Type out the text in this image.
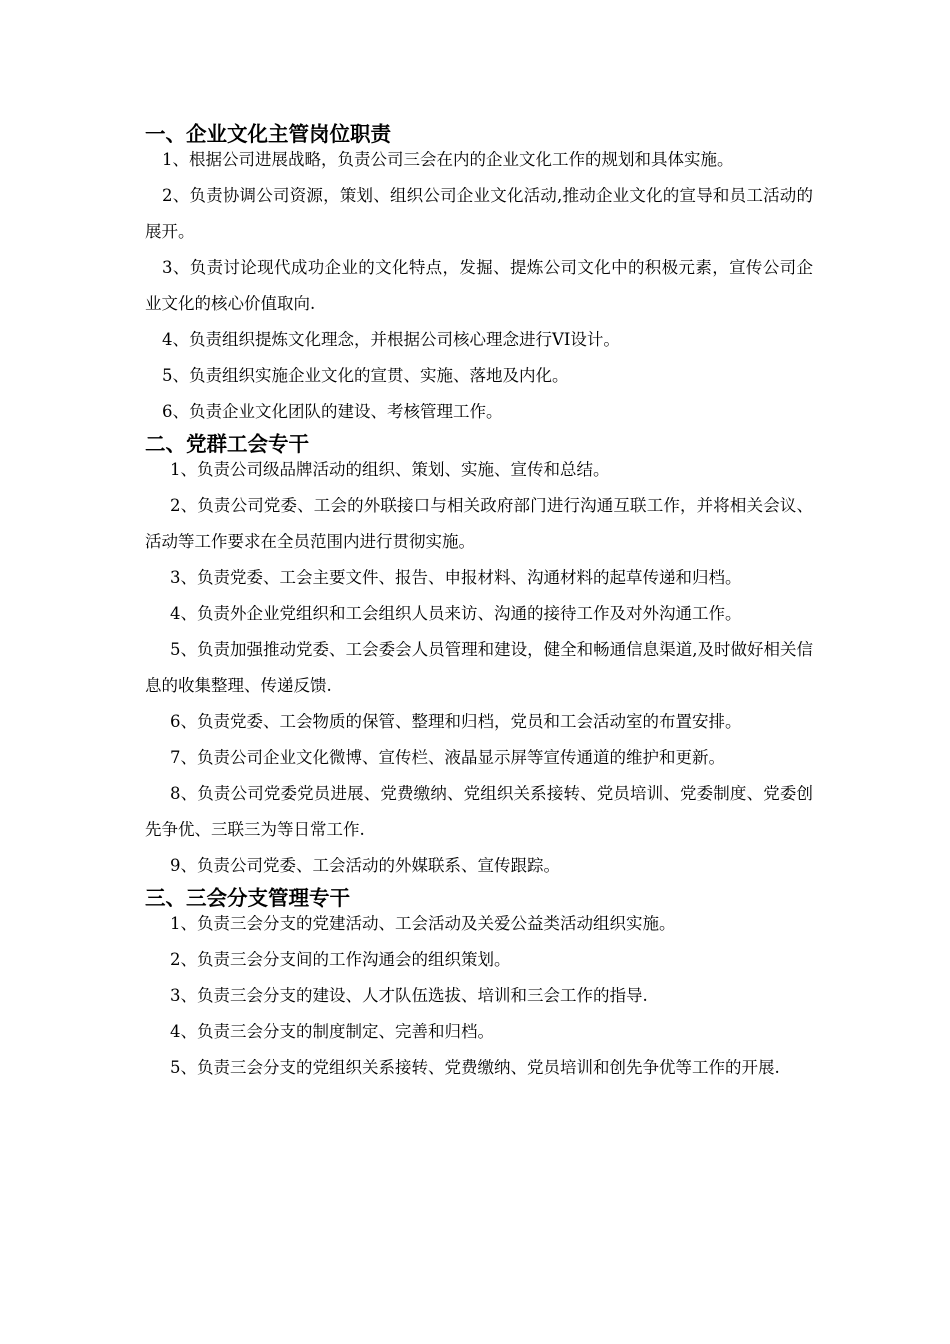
一、企业文化主管岗位职责

1、根据公司进展战略，负责公司三会在内的企业文化工作的规划和具体实施。

2、负责协调公司资源，策划、组织公司企业文化活动,推动企业文化的宣导和员工活动的展开。

3、负责讨论现代成功企业的文化特点，发掘、提炼公司文化中的积极元素，宣传公司企业文化的核心价值取向.

4、负责组织提炼文化理念，并根据公司核心理念进行VI设计。

5、负责组织实施企业文化的宣贯、实施、落地及内化。

6、负责企业文化团队的建设、考核管理工作。

二、党群工会专干

1、负责公司级品牌活动的组织、策划、实施、宣传和总结。

2、负责公司党委、工会的外联接口与相关政府部门进行沟通互联工作，并将相关会议、活动等工作要求在全员范围内进行贯彻实施。

3、负责党委、工会主要文件、报告、申报材料、沟通材料的起草传递和归档。

4、负责外企业党组织和工会组织人员来访、沟通的接待工作及对外沟通工作。

5、负责加强推动党委、工会委会人员管理和建设，健全和畅通信息渠道,及时做好相关信息的收集整理、传递反馈.

6、负责党委、工会物质的保管、整理和归档，党员和工会活动室的布置安排。

7、负责公司企业文化微博、宣传栏、液晶显示屏等宣传通道的维护和更新。

8、负责公司党委党员进展、党费缴纳、党组织关系接转、党员培训、党委制度、党委创先争优、三联三为等日常工作.

9、负责公司党委、工会活动的外媒联系、宣传跟踪。

三、三会分支管理专干

1、负责三会分支的党建活动、工会活动及关爱公益类活动组织实施。

2、负责三会分支间的工作沟通会的组织策划。

3、负责三会分支的建设、人才队伍选拔、培训和三会工作的指导.

4、负责三会分支的制度制定、完善和归档。

5、负责三会分支的党组织关系接转、党费缴纳、党员培训和创先争优等工作的开展.
